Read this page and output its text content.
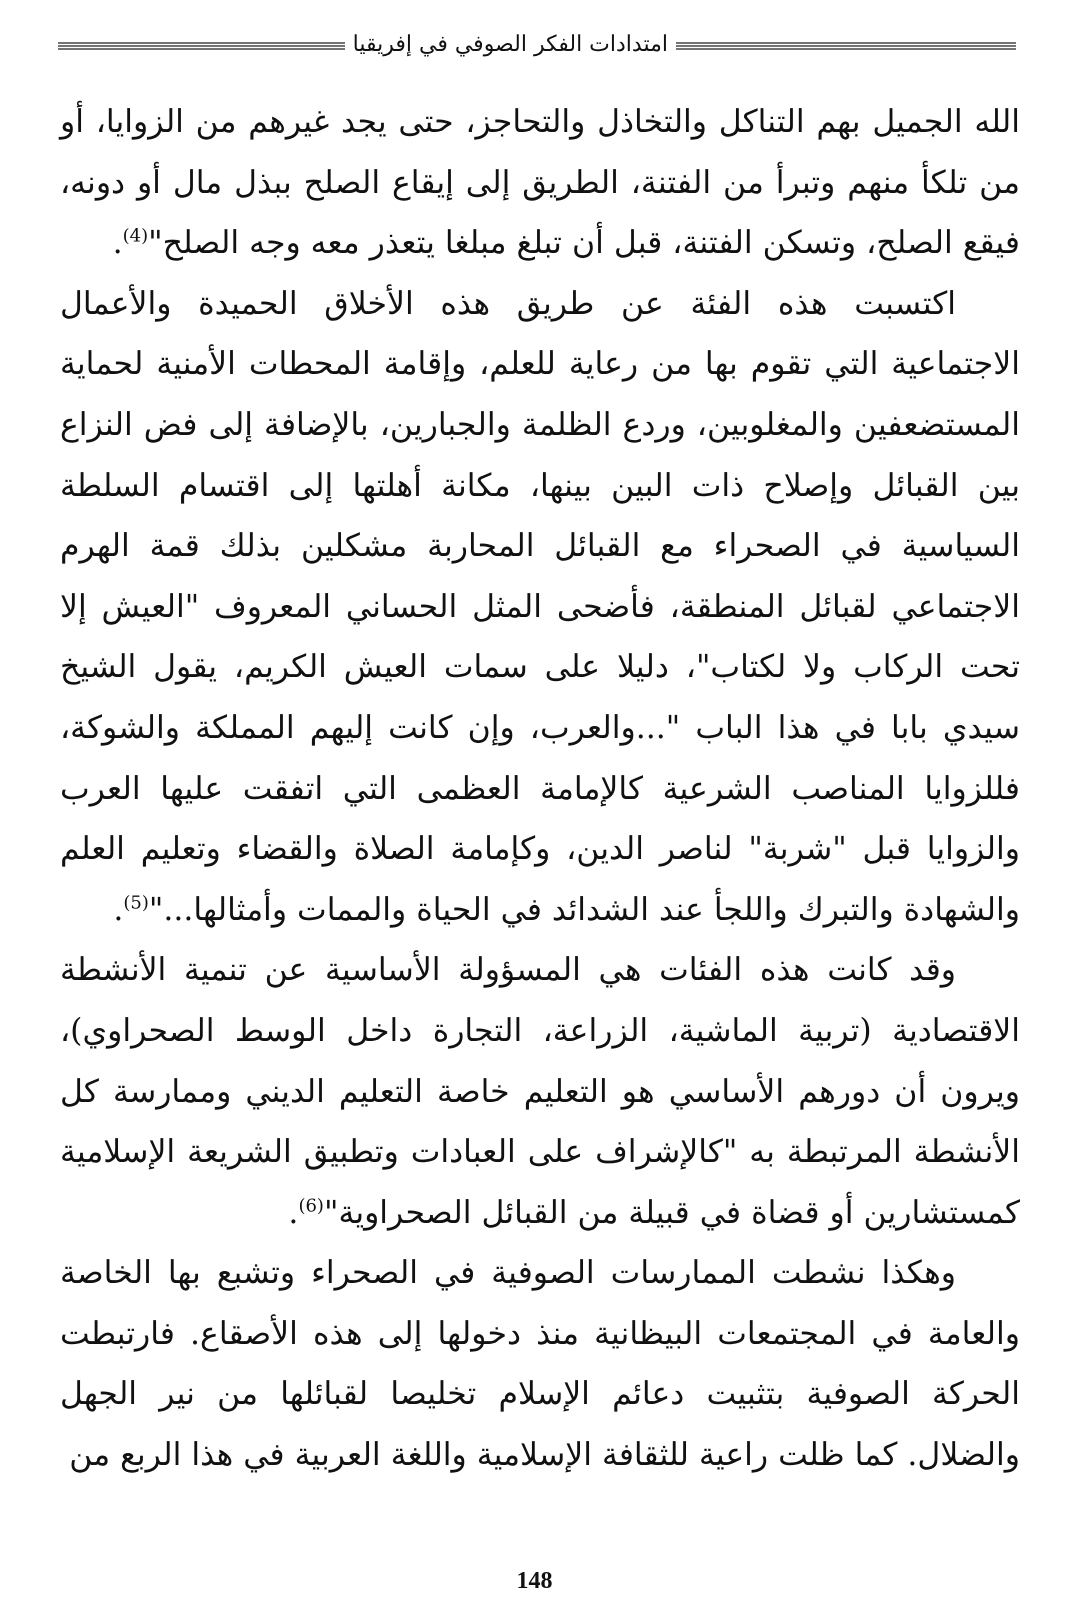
امتدادات الفكر الصوفي في إفريقيا

الله الجميل بهم التناكل والتخاذل والتحاجز، حتى يجد غيرهم من الزوايا، أو من تلكأ منهم وتبرأ من الفتنة، الطريق إلى إيقاع الصلح ببذل مال أو دونه، فيقع الصلح، وتسكن الفتنة، قبل أن تبلغ مبلغا يتعذر معه وجه الصلح"$^{(4)}$.

اكتسبت هذه الفئة عن طريق هذه الأخلاق الحميدة والأعمال الاجتماعية التي تقوم بها من رعاية للعلم، وإقامة المحطات الأمنية لحماية المستضعفين والمغلوبين، وردع الظلمة والجبارين، بالإضافة إلى فض النزاع بين القبائل وإصلاح ذات البين بينها، مكانة أهلتها إلى اقتسام السلطة السياسية في الصحراء مع القبائل المحاربة مشكلين بذلك قمة الهرم الاجتماعي لقبائل المنطقة، فأضحى المثل الحساني المعروف "العيش إلا تحت الركاب ولا لكتاب"، دليلا على سمات العيش الكريم، يقول الشيخ سيدي بابا في هذا الباب "...والعرب، وإن كانت إليهم المملكة والشوكة، فللزوايا المناصب الشرعية كالإمامة العظمى التي اتفقت عليها العرب والزوايا قبل "شربة" لناصر الدين، وكإمامة الصلاة والقضاء وتعليم العلم والشهادة والتبرك واللجأ عند الشدائد في الحياة والممات وأمثالها..."$^{(5)}$.

وقد كانت هذه الفئات هي المسؤولة الأساسية عن تنمية الأنشطة الاقتصادية (تربية الماشية، الزراعة، التجارة داخل الوسط الصحراوي)، ويرون أن دورهم الأساسي هو التعليم خاصة التعليم الديني وممارسة كل الأنشطة المرتبطة به "كالإشراف على العبادات وتطبيق الشريعة الإسلامية كمستشارين أو قضاة في قبيلة من القبائل الصحراوية"$^{(6)}$.

وهكذا نشطت الممارسات الصوفية في الصحراء وتشبع بها الخاصة والعامة في المجتمعات البيظانية منذ دخولها إلى هذه الأصقاع. فارتبطت الحركة الصوفية بتثبيت دعائم الإسلام تخليصا لقبائلها من نير الجهل والضلال. كما ظلت راعية للثقافة الإسلامية واللغة العربية في هذا الربع من

148
